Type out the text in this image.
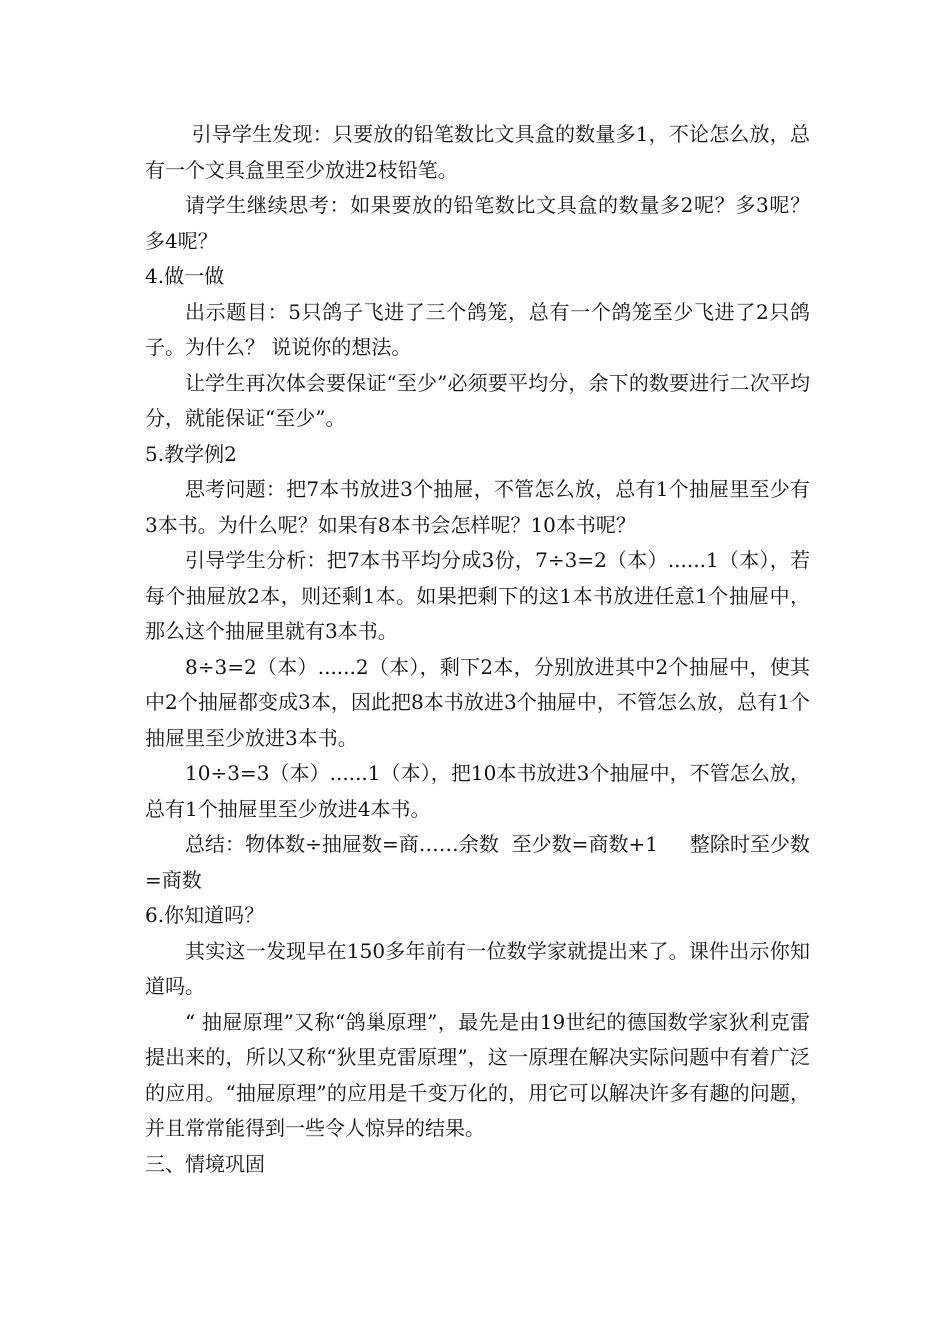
引导学生发现：只要放的铅笔数比文具盒的数量多1，不论怎么放，总有一个文具盒里至少放进2枝铅笔。

请学生继续思考：如果要放的铅笔数比文具盒的数量多2呢？多3呢？多4呢？

4.做一做

出示题目：5只鸽子飞进了三个鸽笼，总有一个鸽笼至少飞进了2只鸽子。为什么？ 说说你的想法。

让学生再次体会要保证“至少”必须要平均分，余下的数要进行二次平均分，就能保证“至少”。

5.教学例2

思考问题：把7本书放进3个抽屉，不管怎么放，总有1个抽屉里至少有3本书。为什么呢？如果有8本书会怎样呢？10本书呢？

引导学生分析：把7本书平均分成3份，7÷3=2（本）......1（本），若每个抽屉放2本，则还剩1本。如果把剩下的这1本书放进任意1个抽屉中，那么这个抽屉里就有3本书。

8÷3=2（本）......2（本），剩下2本，分别放进其中2个抽屉中，使其中2个抽屉都变成3本，因此把8本书放进3个抽屉中，不管怎么放，总有1个抽屉里至少放进3本书。

10÷3=3（本）......1（本），把10本书放进3个抽屉中，不管怎么放，总有1个抽屉里至少放进4本书。

总结：物体数÷抽屉数=商……余数  至少数=商数+1     整除时至少数=商数

6.你知道吗？

其实这一发现早在150多年前有一位数学家就提出来了。课件出示你知道吗。

“ 抽屉原理”又称“鸽巢原理”，最先是由19世纪的德国数学家狄利克雷提出来的，所以又称“狄里克雷原理”，这一原理在解决实际问题中有着广泛的应用。“抽屉原理”的应用是千变万化的，用它可以解决许多有趣的问题，并且常常能得到一些令人惊异的结果。

三、情境巩固
